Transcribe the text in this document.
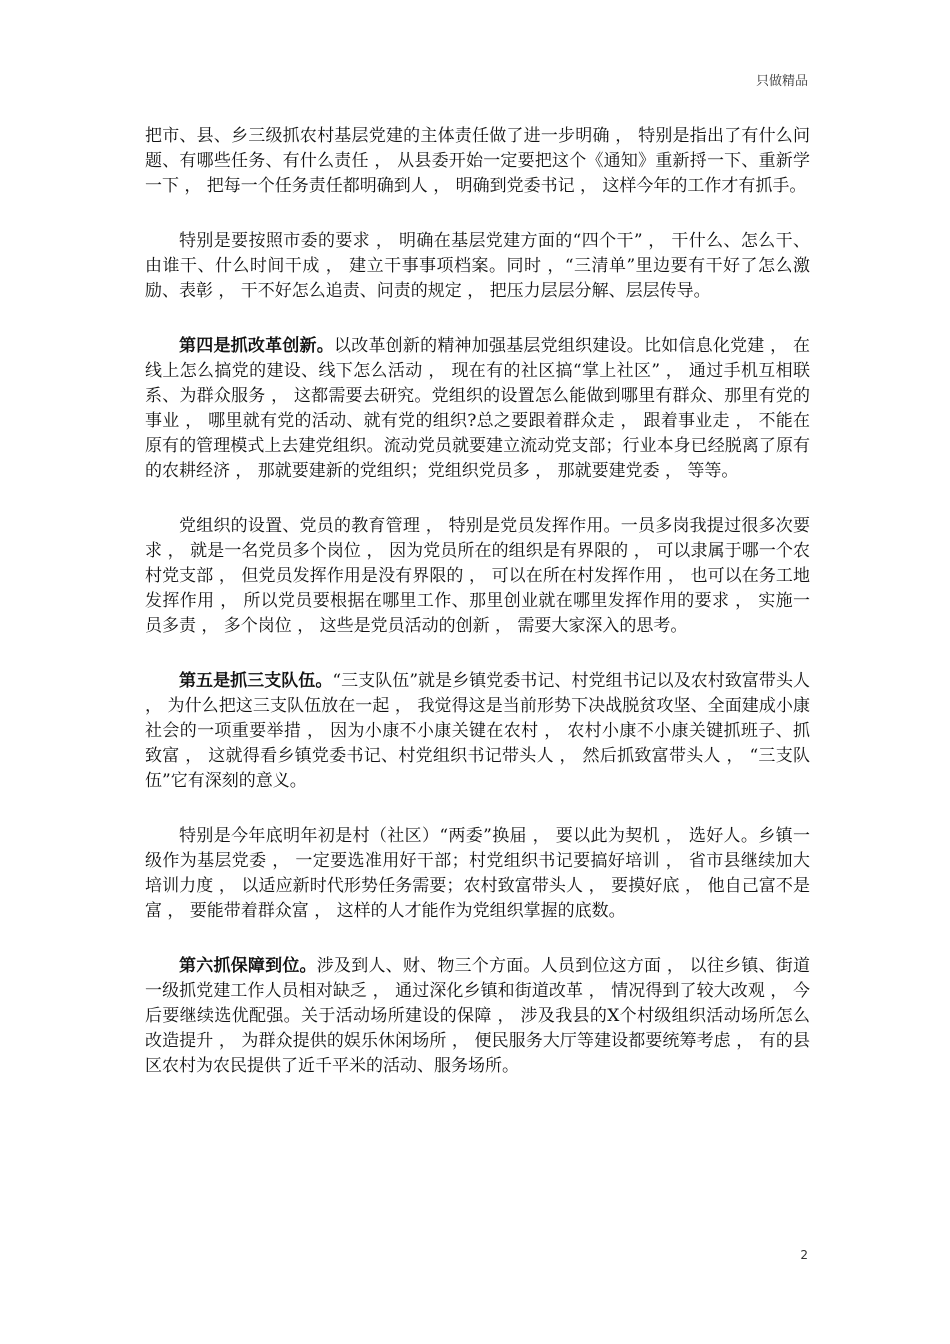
只做精品

把市、县、乡三级抓农村基层党建的主体责任做了进一步明确 ， 特别是指出了有什么问题、有哪些任务、有什么责任 ， 从县委开始一定要把这个《通知》重新捋一下、重新学一下 ， 把每一个任务责任都明确到人 ， 明确到党委书记 ， 这样今年的工作才有抓手。

特别是要按照市委的要求 ， 明确在基层党建方面的“四个干” ， 干什么、怎么干、由谁干、什么时间干成 ， 建立干事事项档案。同时 ，“三清单”里边要有干好了怎么激励、表彰 ， 干不好怎么追责、问责的规定 ， 把压力层层分解、层层传导。

第四是抓改革创新。以改革创新的精神加强基层党组织建设。比如信息化党建 ， 在线上怎么搞党的建设、线下怎么活动 ， 现在有的社区搞“掌上社区” ， 通过手机互相联系、为群众服务 ， 这都需要去研究。党组织的设置怎么能做到哪里有群众、那里有党的事业 ， 哪里就有党的活动、就有党的组织?总之要跟着群众走 ， 跟着事业走 ， 不能在原有的管理模式上去建党组织。流动党员就要建立流动党支部；行业本身已经脱离了原有的农耕经济 ， 那就要建新的党组织；党组织党员多 ， 那就要建党委 ， 等等。

党组织的设置、党员的教育管理 ， 特别是党员发挥作用。一员多岗我提过很多次要求 ， 就是一名党员多个岗位 ， 因为党员所在的组织是有界限的 ， 可以隶属于哪一个农村党支部 ， 但党员发挥作用是没有界限的 ， 可以在所在村发挥作用 ， 也可以在务工地发挥作用 ， 所以党员要根据在哪里工作、那里创业就在哪里发挥作用的要求 ， 实施一员多责 ， 多个岗位 ， 这些是党员活动的创新 ， 需要大家深入的思考。

第五是抓三支队伍。“三支队伍”就是乡镇党委书记、村党组书记以及农村致富带头人 ， 为什么把这三支队伍放在一起 ， 我觉得这是当前形势下决战脱贫攻坚、全面建成小康社会的一项重要举措 ， 因为小康不小康关键在农村 ， 农村小康不小康关键抓班子、抓致富 ， 这就得看乡镇党委书记、村党组织书记带头人 ， 然后抓致富带头人 ， “三支队伍”它有深刻的意义。

特别是今年底明年初是村（社区）“两委”换届 ， 要以此为契机 ， 选好人。乡镇一级作为基层党委 ， 一定要选准用好干部；村党组织书记要搞好培训 ， 省市县继续加大培训力度 ， 以适应新时代形势任务需要；农村致富带头人 ， 要摸好底 ， 他自己富不是富 ， 要能带着群众富 ， 这样的人才能作为党组织掌握的底数。

第六抓保障到位。涉及到人、财、物三个方面。人员到位这方面 ， 以往乡镇、街道一级抓党建工作人员相对缺乏 ， 通过深化乡镇和街道改革 ， 情况得到了较大改观 ， 今后要继续选优配强。关于活动场所建设的保障 ， 涉及我县的X个村级组织活动场所怎么改造提升 ， 为群众提供的娱乐休闲场所 ， 便民服务大厅等建设都要统筹考虑 ， 有的县区农村为农民提供了近千平米的活动、服务场所。

2
